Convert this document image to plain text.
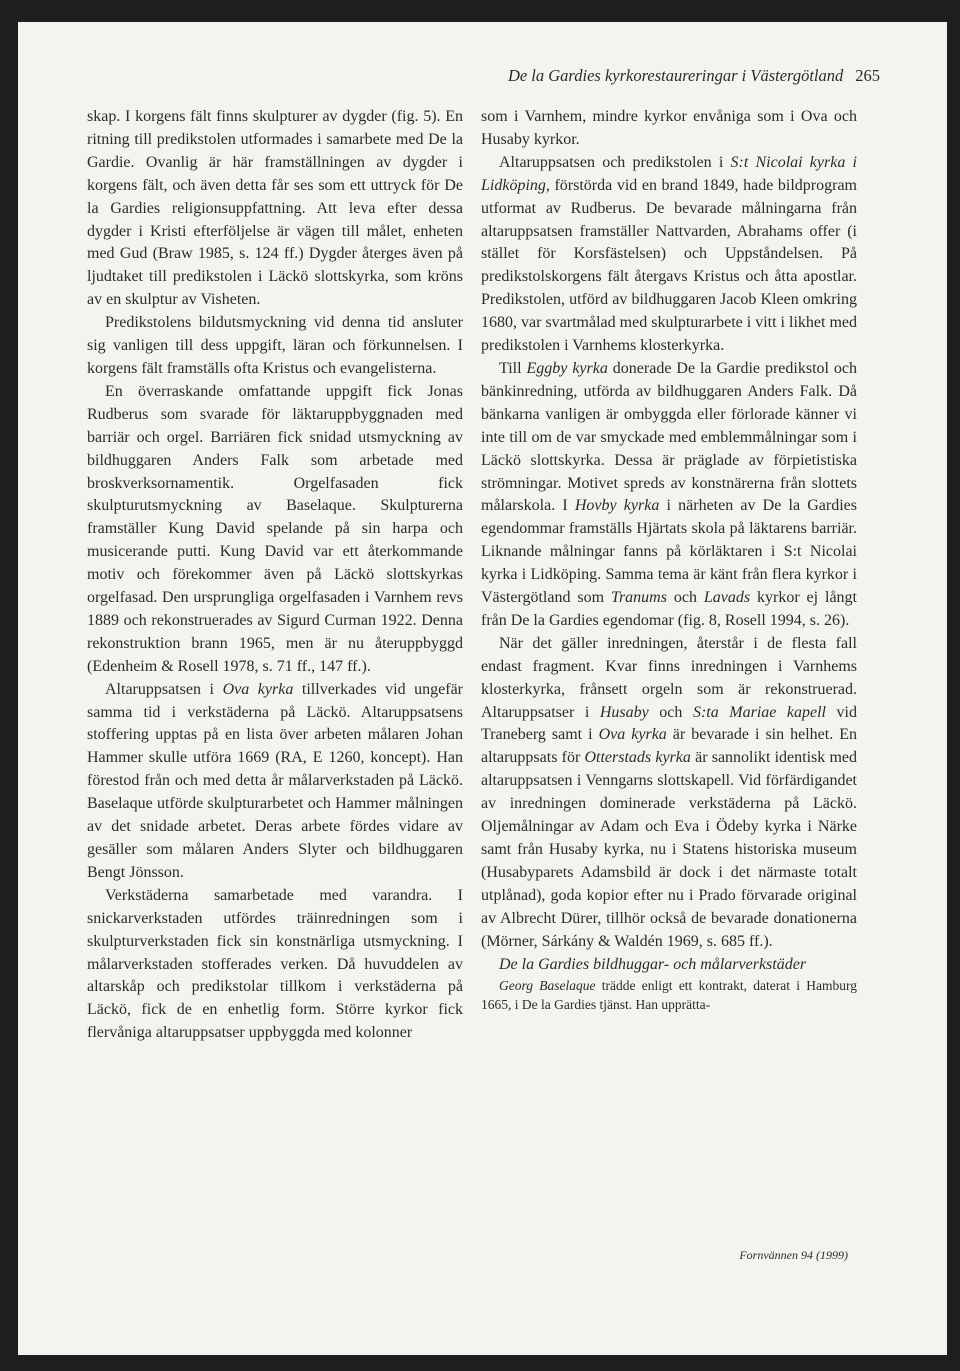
De la Gardies kyrkorestaureringar i Västergötland 265

skap. I korgens fält finns skulpturer av dygder (fig. 5). En ritning till predikstolen utformades i samarbete med De la Gardie. Ovanlig är här framställningen av dygder i korgens fält, och även detta får ses som ett uttryck för De la Gardies religionsuppfattning. Att leva efter dessa dygder i Kristi efterföljelse är vägen till målet, enheten med Gud (Braw 1985, s. 124 ff.) Dygder återges även på ljudtaket till predikstolen i Läckö slottskyrka, som kröns av en skulptur av Visheten.

Predikstolens bildutsmyckning vid denna tid ansluter sig vanligen till dess uppgift, läran och förkunnelsen. I korgens fält framställs ofta Kristus och evangelisterna.

En överraskande omfattande uppgift fick Jonas Rudberus som svarade för läktaruppbyggnaden med barriär och orgel. Barriären fick snidad utsmyckning av bildhuggaren Anders Falk som arbetade med broskverksornamentik. Orgelfasaden fick skulpturutsmyckning av Baselaque. Skulpturerna framställer Kung David spelande på sin harpa och musicerande putti. Kung David var ett återkommande motiv och förekommer även på Läckö slottskyrkas orgelfasad. Den ursprungliga orgelfasaden i Varnhem revs 1889 och rekonstruerades av Sigurd Curman 1922. Denna rekonstruktion brann 1965, men är nu återuppbyggd (Edenheim & Rosell 1978, s. 71 ff., 147 ff.).

Altaruppsatsen i Ova kyrka tillverkades vid ungefär samma tid i verkstäderna på Läckö. Altaruppsatsens stoffering upptas på en lista över arbeten målaren Johan Hammer skulle utföra 1669 (RA, E 1260, koncept). Han förestod från och med detta år målarverkstaden på Läckö. Baselaque utförde skulpturarbetet och Hammer målningen av det snidade arbetet. Deras arbete fördes vidare av gesäller som målaren Anders Slyter och bildhuggaren Bengt Jönsson.

Verkstäderna samarbetade med varandra. I snickarverkstaden utfördes träinredningen som i skulpturverkstaden fick sin konstnärliga utsmyckning. I målarverkstaden stofferades verken. Då huvuddelen av altarskåp och predikstolar tillkom i verkstäderna på Läckö, fick de en enhetlig form. Större kyrkor fick flervåniga altaruppsatser uppbyggda med kolonner

som i Varnhem, mindre kyrkor envåniga som i Ova och Husaby kyrkor.

Altaruppsatsen och predikstolen i S:t Nicolai kyrka i Lidköping, förstörda vid en brand 1849, hade bildprogram utformat av Rudberus. De bevarade målningarna från altaruppsatsen framställer Nattvarden, Abrahams offer (i stället för Korsfästelsen) och Uppståndelsen. På predikstolskorgens fält återgavs Kristus och åtta apostlar. Predikstolen, utförd av bildhuggaren Jacob Kleen omkring 1680, var svartmålad med skulpturarbete i vitt i likhet med predikstolen i Varnhems klosterkyrka.

Till Eggby kyrka donerade De la Gardie predikstol och bänkinredning, utförda av bildhuggaren Anders Falk. Då bänkarna vanligen är ombyggda eller förlorade känner vi inte till om de var smyckade med emblemmålningar som i Läckö slottskyrka. Dessa är präglade av förpietistiska strömningar. Motivet spreds av konstnärerna från slottets målarskola. I Hovby kyrka i närheten av De la Gardies egendommar framställs Hjärtats skola på läktarens barriär. Liknande målningar fanns på körläktaren i S:t Nicolai kyrka i Lidköping. Samma tema är känt från flera kyrkor i Västergötland som Tranums och Lavads kyrkor ej långt från De la Gardies egendomar (fig. 8, Rosell 1994, s. 26).

När det gäller inredningen, återstår i de flesta fall endast fragment. Kvar finns inredningen i Varnhems klosterkyrka, frånsett orgeln som är rekonstruerad. Altaruppsatser i Husaby och S:ta Mariae kapell vid Traneberg samt i Ova kyrka är bevarade i sin helhet. En altaruppsats för Otterstads kyrka är sannolikt identisk med altaruppsatsen i Venngarns slottskapell. Vid förfärdigandet av inredningen dominerade verkstäderna på Läckö. Oljemålningar av Adam och Eva i Ödeby kyrka i Närke samt från Husaby kyrka, nu i Statens historiska museum (Husabyparets Adamsbild är dock i det närmaste totalt utplånad), goda kopior efter nu i Prado förvarade original av Albrecht Dürer, tillhör också de bevarade donationerna (Mörner, Sárkány & Waldén 1969, s. 685 ff.).

De la Gardies bildhuggar- och målarverkstäder

Georg Baselaque trädde enligt ett kontrakt, daterat i Hamburg 1665, i De la Gardies tjänst. Han upprätta-

Fornvännen 94 (1999)
